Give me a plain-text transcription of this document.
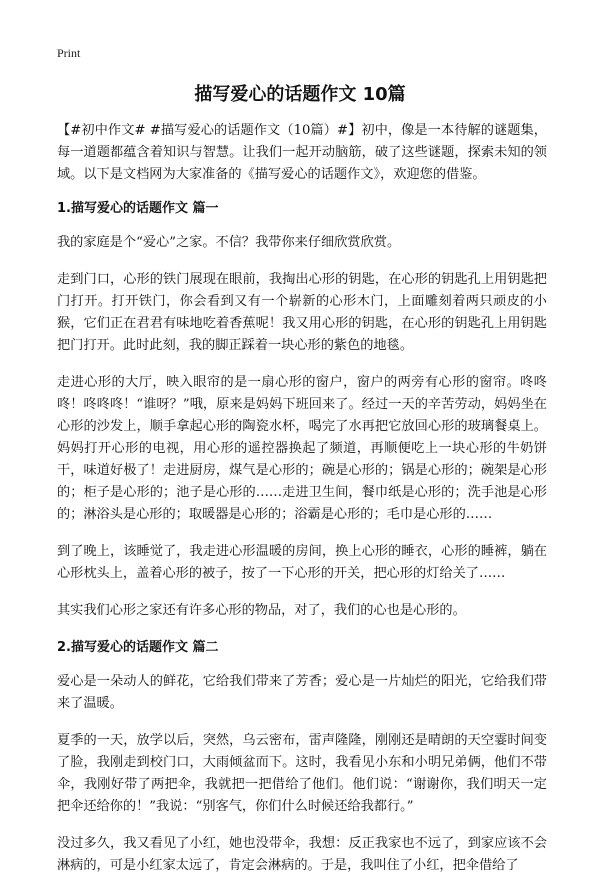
Print
描写爱心的话题作文 10篇

【#初中作文# #描写爱心的话题作文（10篇）#】初中，像是一本待解的谜题集，每一道题都蕴含着知识与智慧。让我们一起开动脑筋，破了这些谜题，探索未知的领域。以下是文档网为大家准备的《描写爱心的话题作文》，欢迎您的借鉴。

1.描写爱心的话题作文 篇一

我的家庭是个“爱心”之家。不信？我带你来仔细欣赏欣赏。

走到门口，心形的铁门展现在眼前，我掏出心形的钥匙，在心形的钥匙孔上用钥匙把门打开。打开铁门，你会看到又有一个崭新的心形木门，上面雕刻着两只顽皮的小猴，它们正在君君有味地吃着香蕉呢！我又用心形的钥匙，在心形的钥匙孔上用钥匙把门打开。此时此刻，我的脚正踩着一块心形的紫色的地毯。

走进心形的大厅，映入眼帘的是一扇心形的窗户，窗户的两旁有心形的窗帘。咚咚咚！咚咚咚！“谁呀？”哦，原来是妈妈下班回来了。经过一天的辛苦劳动，妈妈坐在心形的沙发上，顺手拿起心形的陶瓷水杯，喝完了水再把它放回心形的玻璃餐桌上。妈妈打开心形的电视，用心形的遥控器换起了频道，再顺便吃上一块心形的牛奶饼干，味道好极了！走进厨房，煤气是心形的；碗是心形的；锅是心形的；碗架是心形的；柜子是心形的；池子是心形的……走进卫生间，餐巾纸是心形的；洗手池是心形的；淋浴头是心形的；取暖器是心形的；浴霸是心形的；毛巾是心形的……

到了晚上，该睡觉了，我走进心形温暖的房间，换上心形的睡衣，心形的睡裤，躺在心形枕头上，盖着心形的被子，按了一下心形的开关，把心形的灯给关了……

其实我们心形之家还有许多心形的物品，对了，我们的心也是心形的。

2.描写爱心的话题作文 篇二

爱心是一朵动人的鲜花，它给我们带来了芳香；爱心是一片灿烂的阳光，它给我们带来了温暖。

夏季的一天，放学以后，突然，乌云密布，雷声隆隆，刚刚还是晴朗的天空霎时间变了脸，我刚走到校门口，大雨倾盆而下。这时，我看见小东和小明兄弟俩，他们不带伞，我刚好带了两把伞，我就把一把借给了他们。他们说：“谢谢你，我们明天一定把伞还给你的！”我说：“别客气，你们什么时候还给我都行。”

没过多久，我又看见了小红，她也没带伞，我想：反正我家也不远了，到家应该不会淋病的，可是小红家太远了，肯定会淋病的。于是，我叫住了小红，把伞借给了
